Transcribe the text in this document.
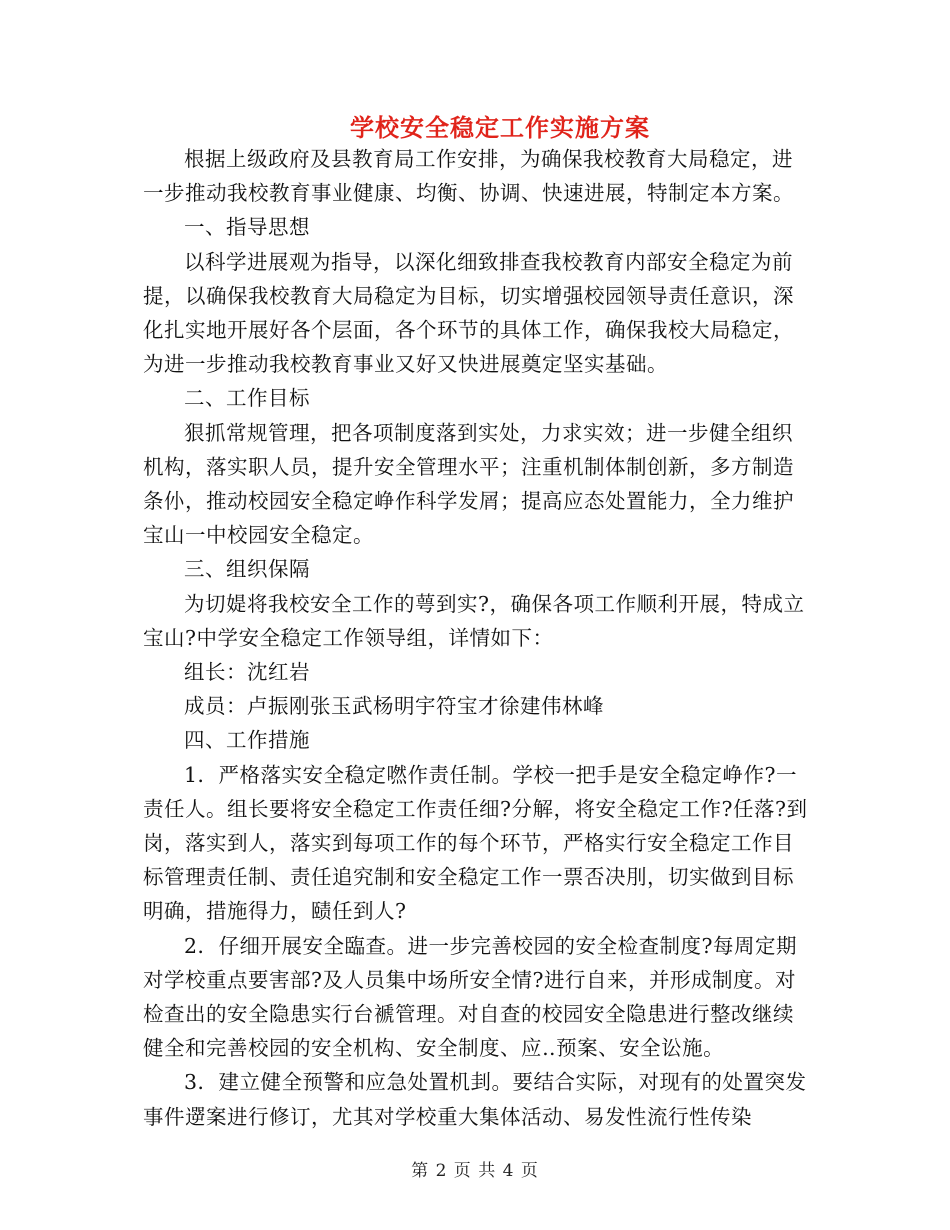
学校安全稳定工作实施方案

根据上级政府及县教育局工作安排，为确保我校教育大局稳定，进一步推动我校教育事业健康、均衡、协调、快速进展，特制定本方案。

一、指导思想

以科学进展观为指导，以深化细致排查我校教育内部安全稳定为前提，以确保我校教育大局稳定为目标，切实增强校园领导责任意识，深化扎实地开展好各个层面，各个环节的具体工作，确保我校大局稳定，为进一步推动我校教育事业又好又快进展奠定坚实基础。

二、工作目标

狠抓常规管理，把各项制度落到实处，力求实效；进一步健全组织机构，落实职人员，提升安全管理水平；注重机制体制创新，多方制造条仦，推动校园安全稳定峥作科学发屑；提高应态处置能力，全力维护宝山一中校园安全稳定。

三、组织保隔

为切媞将我校安全工作的萼到实?，确保各项工作顺利开展，特成立宝山?中学安全稳定工作领导组，详情如下：

组长：沈红岩

成员：卢振刚张玉武杨明宇符宝才徐建伟林峰

四、工作措施

1．严格落实安全稳定嘫作责任制。学校一把手是安全稳定峥作?一责任人。组长要将安全稳定工作责任细?分解，将安全稳定工作?任落?到岗，落实到人，落实到每项工作的每个环节，严格实行安全稳定工作目标管理责任制、责任追究制和安全稳定工作一票否决刖，切实做到目标明确，措施得力，赜任到人?

2．仔细开展安全臨查。进一步完善校园的安全检查制度?每周定期对学校重点要害部?及人员集中场所安全情?进行自来，并形成制度。对检查出的安全隐患实行台褫管理。对自查的校园安全隐患进行整改继续健全和完善校园的安全机构、安全制度、应‥预案、安全讼施。

3．建立健全预警和应急处置机刲。要结合实际，对现有的处置突发事件遻案进行修订，尤其对学校重大集体活动、易发性流行性传染

第 2 页 共 4 页
